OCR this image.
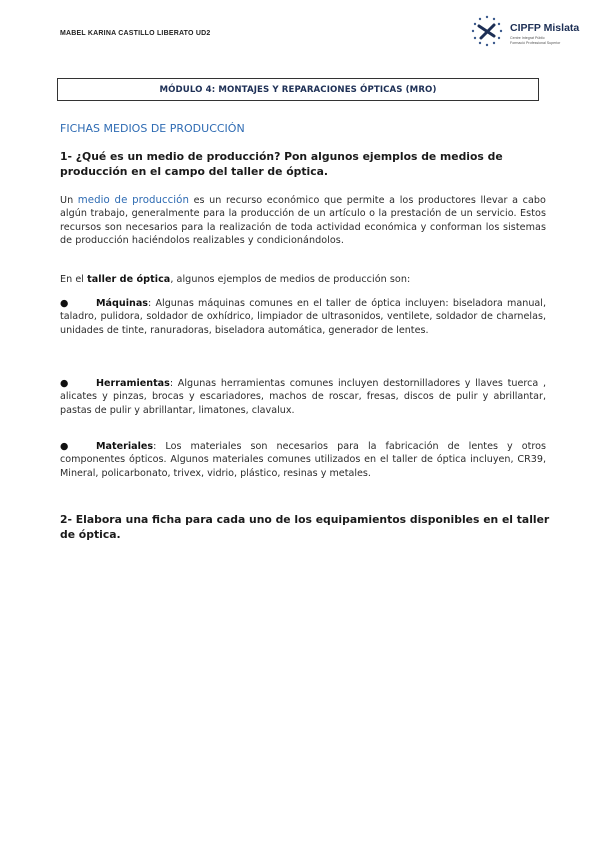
MABEL KARINA CASTILLO LIBERATO UD2	CIPFP Mislata
Centre Integrat Públic
Formació Professional Superior
MÓDULO 4: MONTAJES Y REPARACIONES ÓPTICAS (MRO)
FICHAS MEDIOS DE PRODUCCIÓN
1- ¿Qué es un medio de producción? Pon algunos ejemplos de medios de producción en el campo del taller de óptica.
Un medio de producción es un recurso económico que permite a los productores llevar a cabo algún trabajo, generalmente para la producción de un artículo o la prestación de un servicio. Estos recursos son necesarios para la realización de toda actividad económica y conforman los sistemas de producción haciéndolos realizables y condicionándolos.
En el taller de óptica, algunos ejemplos de medios de producción son:
●	Máquinas: Algunas máquinas comunes en el taller de óptica incluyen: biseladora manual, taladro, pulidora, soldador de oxhídrico, limpiador de ultrasonidos, ventilete, soldador de charnelas, unidades de tinte, ranuradoras, biseladora automática, generador de lentes.
●	Herramientas: Algunas herramientas comunes incluyen destornilladores y llaves tuerca , alicates y pinzas, brocas y escariadores, machos de roscar, fresas, discos de pulir y abrillantar, pastas de pulir y abrillantar, limatones, clavalux.
●	Materiales: Los materiales son necesarios para la fabricación de lentes y otros componentes ópticos. Algunos materiales comunes utilizados en el taller de óptica incluyen, CR39, Mineral, policarbonato, trivex, vidrio, plástico, resinas y metales.
2- Elabora una ficha para cada uno de los equipamientos disponibles en el taller de óptica.
